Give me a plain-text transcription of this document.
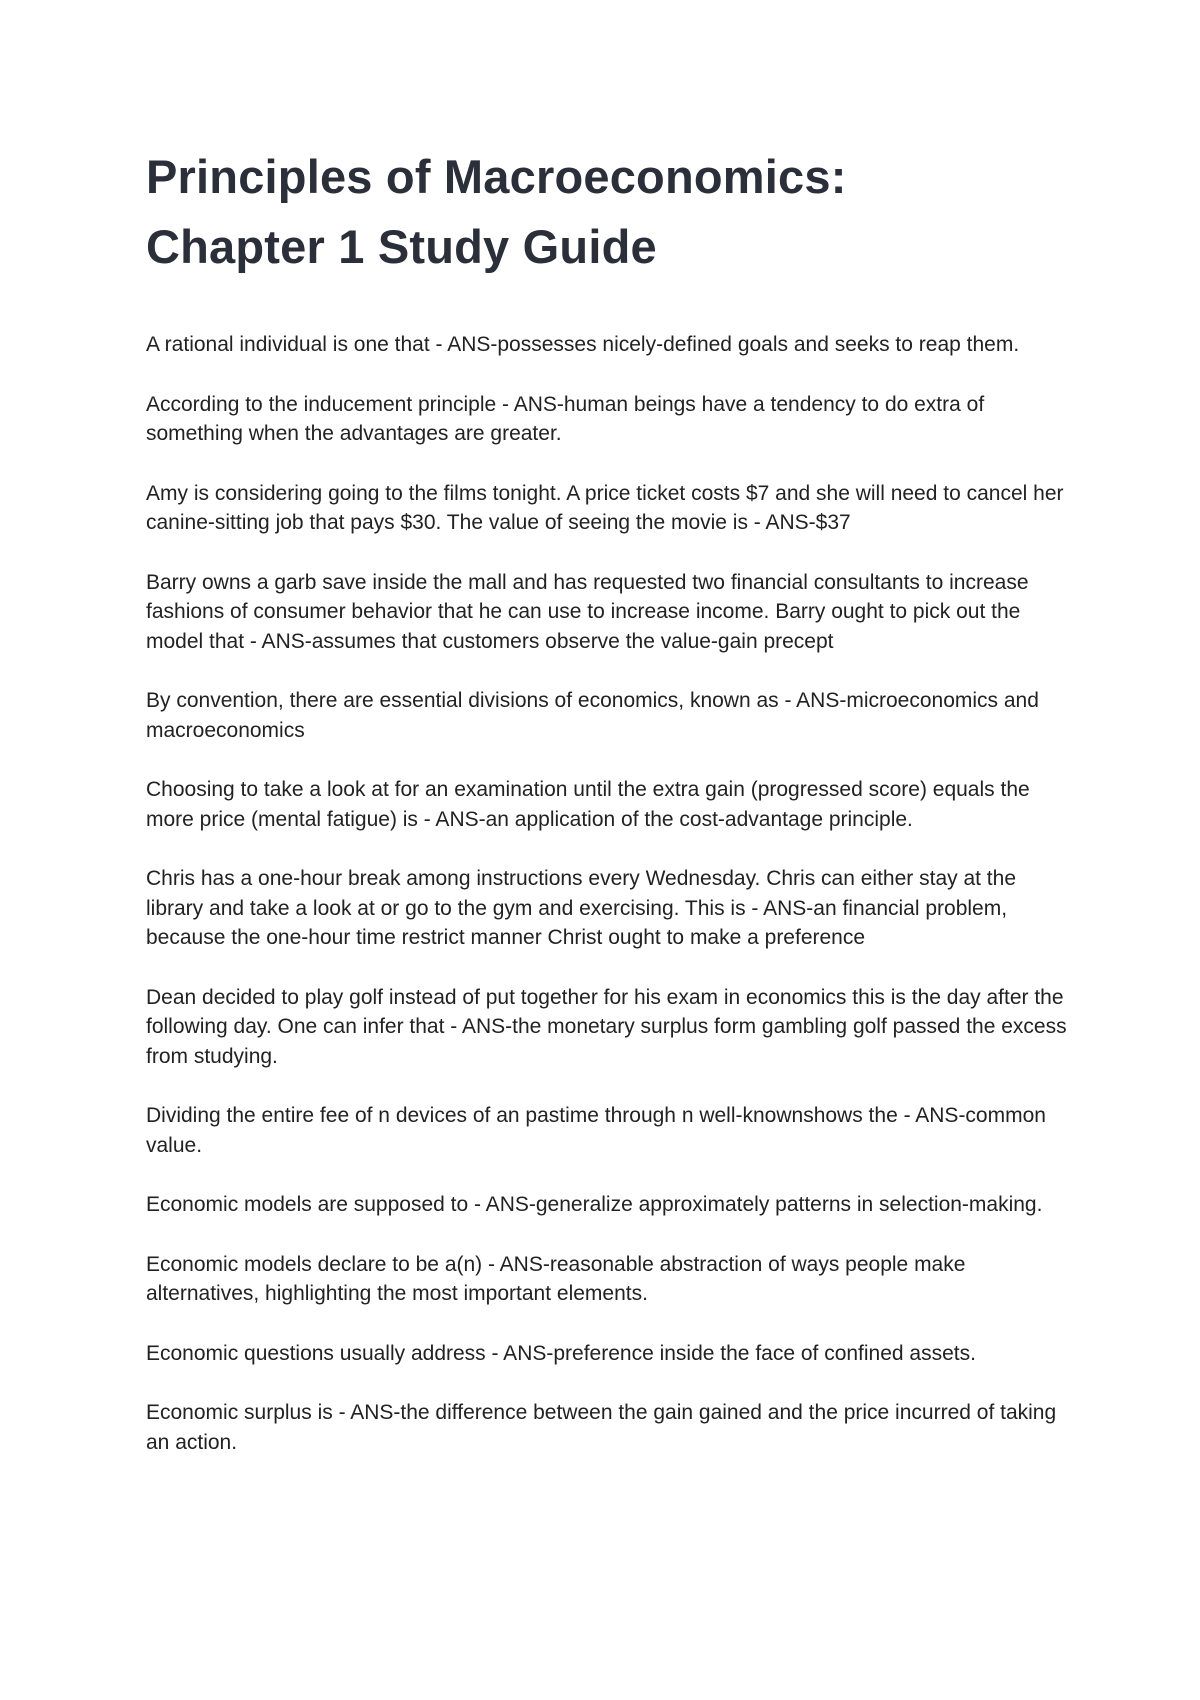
Principles of Macroeconomics:
Chapter 1 Study Guide

A rational individual is one that - ANS-possesses nicely-defined goals and seeks to reap them.

According to the inducement principle - ANS-human beings have a tendency to do extra of something when the advantages are greater.

Amy is considering going to the films tonight. A price ticket costs $7 and she will need to cancel her canine-sitting job that pays $30. The value of seeing the movie is - ANS-$37

Barry owns a garb save inside the mall and has requested two financial consultants to increase fashions of consumer behavior that he can use to increase income. Barry ought to pick out the model that - ANS-assumes that customers observe the value-gain precept

By convention, there are essential divisions of economics, known as - ANS-microeconomics and macroeconomics

Choosing to take a look at for an examination until the extra gain (progressed score) equals the more price (mental fatigue) is - ANS-an application of the cost-advantage principle.

Chris has a one-hour break among instructions every Wednesday. Chris can either stay at the library and take a look at or go to the gym and exercising. This is - ANS-an financial problem, because the one-hour time restrict manner Christ ought to make a preference

Dean decided to play golf instead of put together for his exam in economics this is the day after the following day. One can infer that - ANS-the monetary surplus form gambling golf passed the excess from studying.

Dividing the entire fee of n devices of an pastime through n well-knownshows the - ANS-common value.

Economic models are supposed to - ANS-generalize approximately patterns in selection-making.

Economic models declare to be a(n) - ANS-reasonable abstraction of ways people make alternatives, highlighting the most important elements.

Economic questions usually address - ANS-preference inside the face of confined assets.

Economic surplus is - ANS-the difference between the gain gained and the price incurred of taking an action.
